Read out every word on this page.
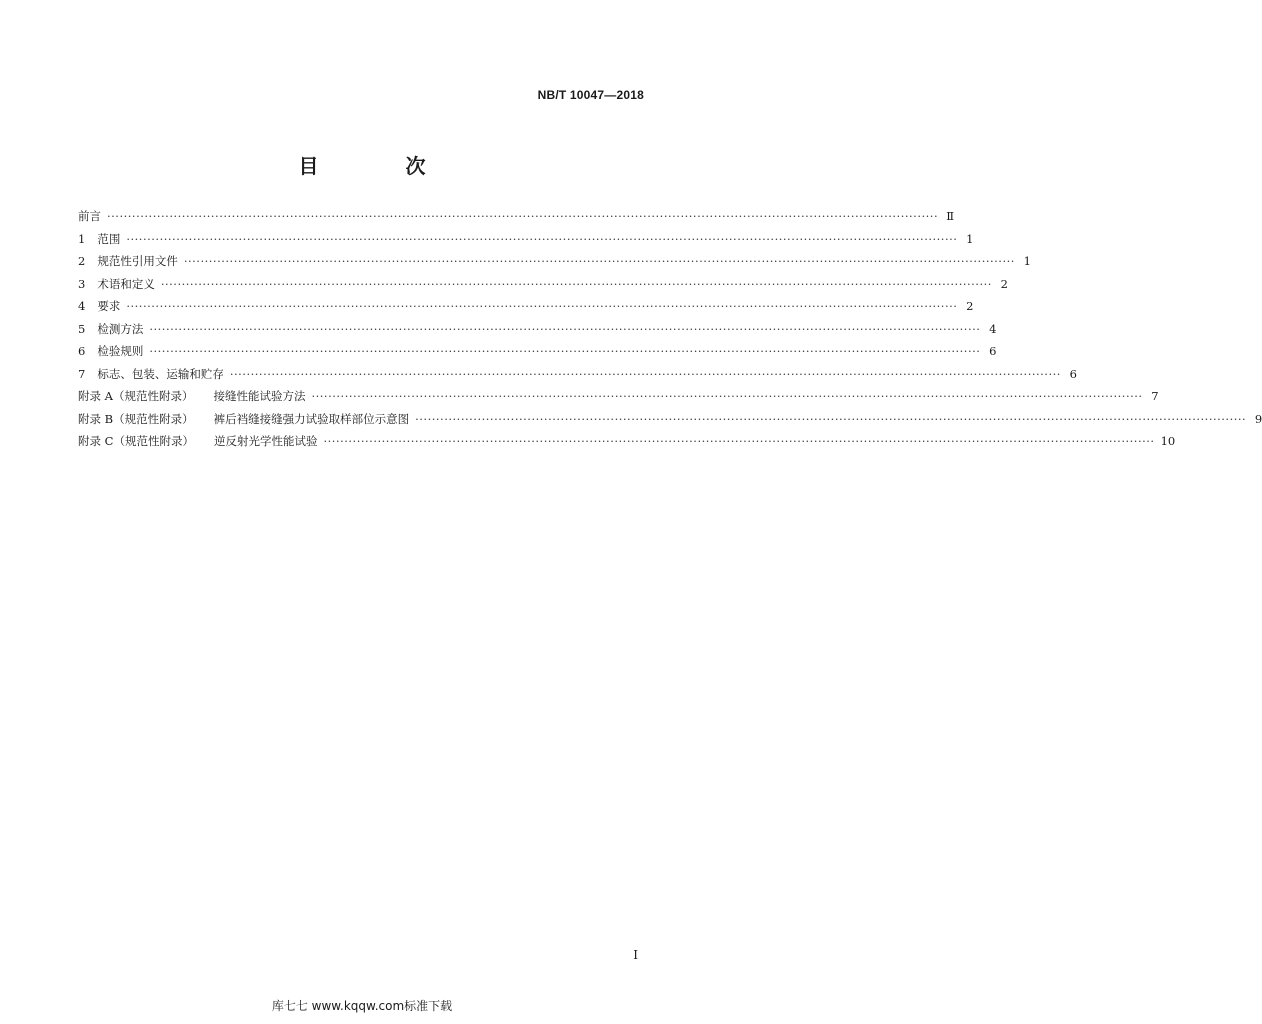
NB/T 10047—2018
目 次
前言 ········································································································································································································ Ⅱ
1 范围 ········································································································································································································ 1
2 规范性引用文件 ········································································································································································································ 1
3 术语和定义 ········································································································································································································ 2
4 要求 ········································································································································································································ 2
5 检测方法 ········································································································································································································ 4
6 检验规则 ········································································································································································································ 6
7 标志、包装、运输和贮存 ········································································································································································································ 6
附录 A（规范性附录） 接缝性能试验方法 ········································································································································································································ 7
附录 B（规范性附录） 裤后裆缝接缝强力试验取样部位示意图 ········································································································································································································ 9
附录 C（规范性附录） 逆反射光学性能试验 ········································································································································································································ 10
I
库七七 www.kqqw.com标准下载
